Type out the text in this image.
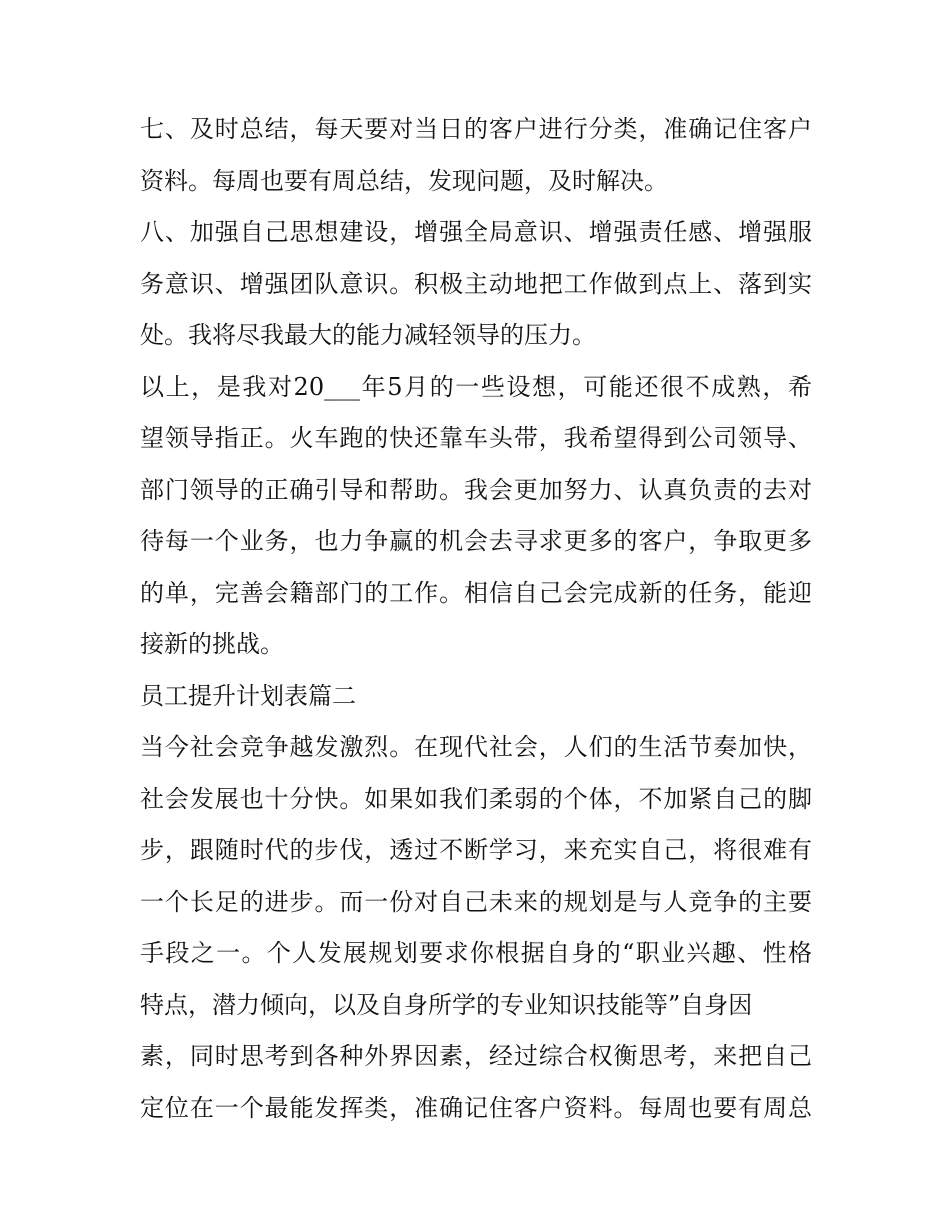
七、及时总结，每天要对当日的客户进行分类，准确记住客户
资料。每周也要有周总结，发现问题，及时解决。
八、加强自己思想建设，增强全局意识、增强责任感、增强服
务意识、增强团队意识。积极主动地把工作做到点上、落到实
处。我将尽我最大的能力减轻领导的压力。
以上，是我对20___年5月的一些设想，可能还很不成熟，希
望领导指正。火车跑的快还靠车头带，我希望得到公司领导、
部门领导的正确引导和帮助。我会更加努力、认真负责的去对
待每一个业务，也力争赢的机会去寻求更多的客户，争取更多
的单，完善会籍部门的工作。相信自己会完成新的任务，能迎
接新的挑战。
员工提升计划表篇二
当今社会竞争越发激烈。在现代社会，人们的生活节奏加快，
社会发展也十分快。如果如我们柔弱的个体，不加紧自己的脚
步，跟随时代的步伐，透过不断学习，来充实自己，将很难有
一个长足的进步。而一份对自己未来的规划是与人竞争的主要
手段之一。个人发展规划要求你根据自身的“职业兴趣、性格
特点，潜力倾向，以及自身所学的专业知识技能等”自身因
素，同时思考到各种外界因素，经过综合权衡思考，来把自己
定位在一个最能发挥类，准确记住客户资料。每周也要有周总
